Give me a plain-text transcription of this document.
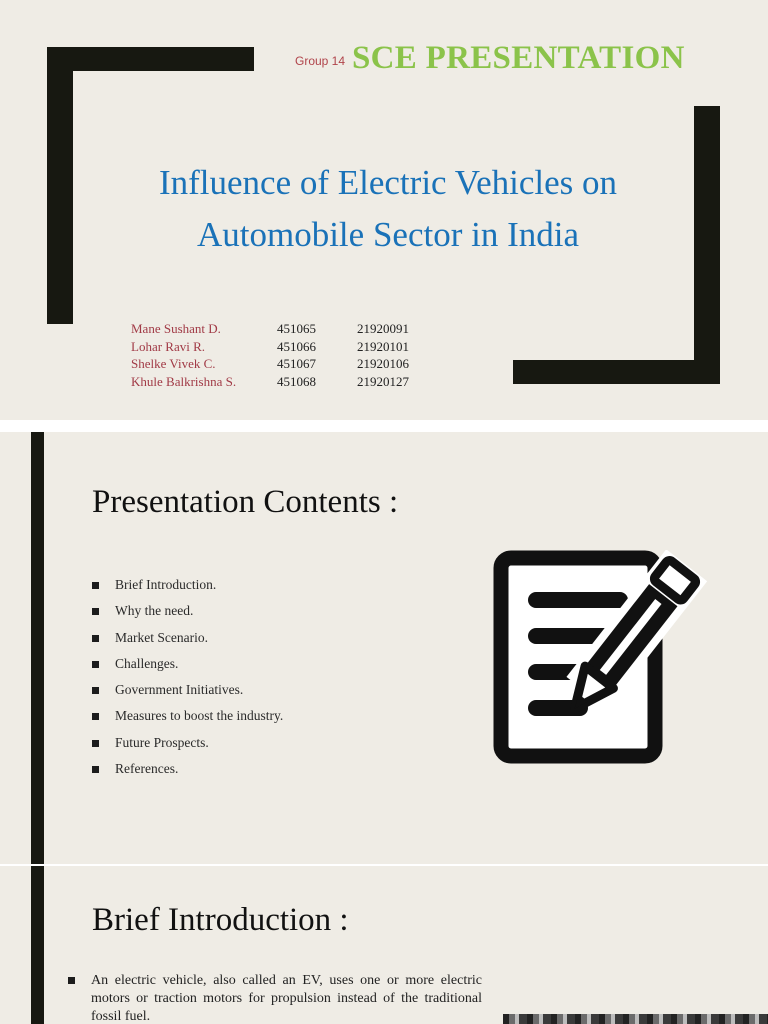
Group 14 SCE PRESENTATION
Influence of Electric Vehicles on
Automobile Sector in India
Mane Sushant D.	451065	21920091
Lohar Ravi R.	451066	21920101
Shelke Vivek C.	451067	21920106
Khule Balkrishna S.	451068	21920127
Presentation Contents :
Brief Introduction.
Why the need.
Market Scenario.
Challenges.
Government Initiatives.
Measures to boost the industry.
Future Prospects.
References.
Brief Introduction :
An electric vehicle, also called an EV, uses one or more electric motors or traction motors for propulsion instead of the traditional fossil fuel.
